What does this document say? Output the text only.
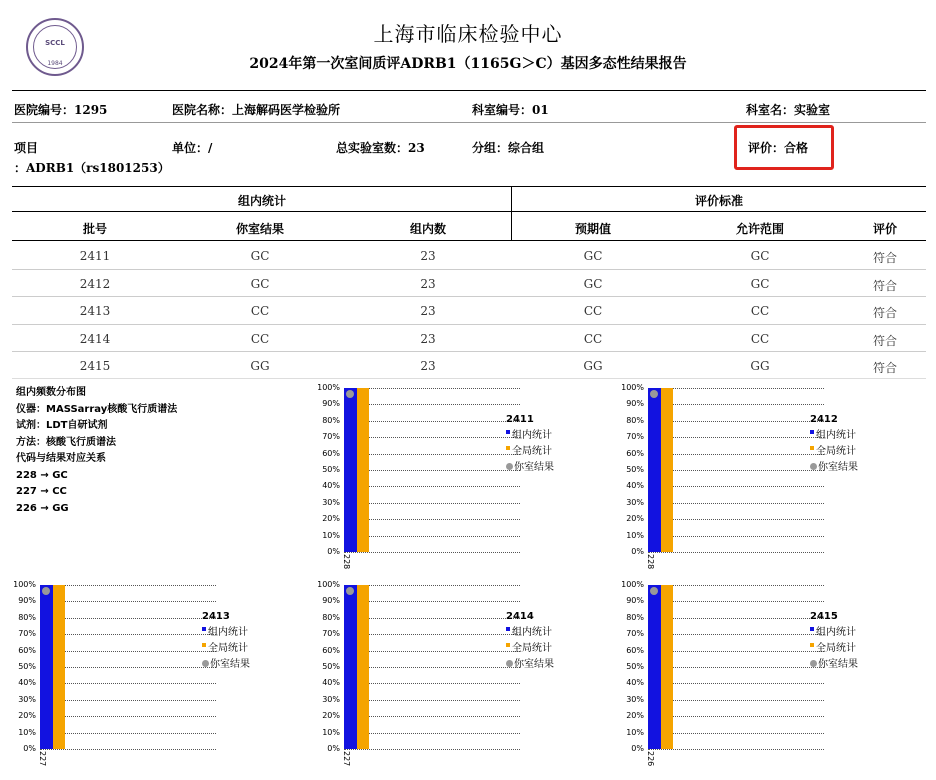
SCCL
1984
上海市临床检验中心
2024年第一次室间质评ADRB1（1165G＞C）基因多态性结果报告
医院编号：1295	医院名称：上海解码医学检验所	科室编号：01	科室名：实验室
项目
：ADRB1（rs1801253）
单位：/	总实验室数：23	分组：综合组	评价：合格
组内统计	评价标准
批号	你室结果	组内数	预期值	允许范围	评价
2411	GC	23	GC	GC	符合
2412	GC	23	GC	GC	符合
2413	CC	23	CC	CC	符合
2414	CC	23	CC	CC	符合
2415	GG	23	GG	GG	符合
组内频数分布图
仪器：MASSarray核酸飞行质谱法
试剂：LDT自研试剂
方法：核酸飞行质谱法
代码与结果对应关系
228 → GC
227 → CC
226 → GG
0%
10%
20%
30%
40%
50%
60%
70%
80%
90%
100%
228
2411
组内统计
全局统计
你室结果
0%
10%
20%
30%
40%
50%
60%
70%
80%
90%
100%
228
2412
组内统计
全局统计
你室结果
0%
10%
20%
30%
40%
50%
60%
70%
80%
90%
100%
227
2413
组内统计
全局统计
你室结果
0%
10%
20%
30%
40%
50%
60%
70%
80%
90%
100%
227
2414
组内统计
全局统计
你室结果
0%
10%
20%
30%
40%
50%
60%
70%
80%
90%
100%
226
2415
组内统计
全局统计
你室结果
